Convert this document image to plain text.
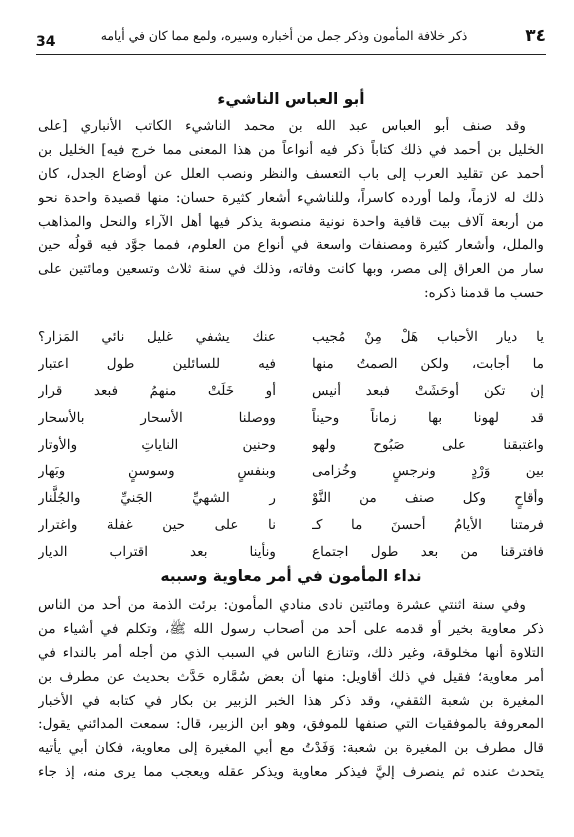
٣٤
ذكر خلافة المأمون وذكر جمل من أخباره وسيره، ولمع مما كان في أيامه
34
أبو العباس الناشيء
وقد صنف أبو العباس عبد الله بن محمد الناشيء الكاتب الأنباري [على
الخليل بن أحمد في ذلك كتاباً ذكر فيه أنواعاً من هذا المعنى مما خرج فيه] الخليل بن
أحمد عن تقليد العرب إلى باب التعسف والنظر ونصب العلل عن أوضاع الجدل، كان
ذلك له لازماً، ولما أورده كاسراً، وللناشيء أشعار كثيرة حسان: منها قصيدة واحدة نحو
من أربعة آلاف بيت قافية واحدة نونية منصوبة يذكر فيها أهل الآراء والنحل والمذاهب
والملل، وأشعار كثيرة ومصنفات واسعة في أنواع من العلوم، فمما جوَّد فيه قولُه حين
سار من العراق إلى مصر، وبها كانت وفاته، وذلك في سنة ثلاث وتسعين ومائتين على
حسب ما قدمنا ذكره:
يا ديار الأحباب هَلْ مِنْ مُجيب
عنك يشفي غليل نائي المَزار؟
ما أجابت، ولكن الصمتُ منها
فيه للسائلين طول اعتبار
إن تكن أوحَشَتْ فبعد أنيس
أو خَلَتْ منهمُ فبعد قرار
قد لهونا بها زماناً وحيناً
ووصلنا الأسحار بالأسحار
واغتبقنا على صَبُوح ولهو
وحنين الناياتِ والأوتار
بين وَرْدٍ ونرجسٍ وخُزامى
وبنفسٍ وسوسنٍ وبَهار
وأقاحٍ وكل صنف من النَّوْ
ر الشهيِّ الجَنيِّ والجُلَّنار
فرمتنا الأيامُ أحسنَ ما كـ
نا على حين غفلة واغترار
فافترقنا من بعد طول اجتماع
ونأينا بعد اقتراب الديار
نداء المأمون في أمر معاوية وسببه
وفي سنة اثنتي عشرة ومائتين نادى منادي المأمون: برئت الذمة من أحد من الناس
ذكر معاوية بخير أو قدمه على أحد من أصحاب رسول الله ﷺ، وتكلم في أشياء من
التلاوة أنها مخلوقة، وغير ذلك، وتنازع الناس في السبب الذي من أجله أمر بالنداء في
أمر معاوية؛ فقيل في ذلك أقاويل: منها أن بعض سُمَّاره حَدَّث بحديث عن مطرف بن
المغيرة بن شعبة الثقفي، وقد ذكر هذا الخبر الزبير بن بكار في كتابه في الأخبار
المعروفة بالموفقيات التي صنفها للموفق، وهو ابن الزبير، قال: سمعت المدائني يقول:
قال مطرف بن المغيرة بن شعبة: وَفَدْتُ مع أبي المغيرة إلى معاوية، فكان أبي يأتيه
يتحدث عنده ثم ينصرف إليَّ فيذكر معاوية ويذكر عقله ويعجب مما يرى منه، إذ جاء
